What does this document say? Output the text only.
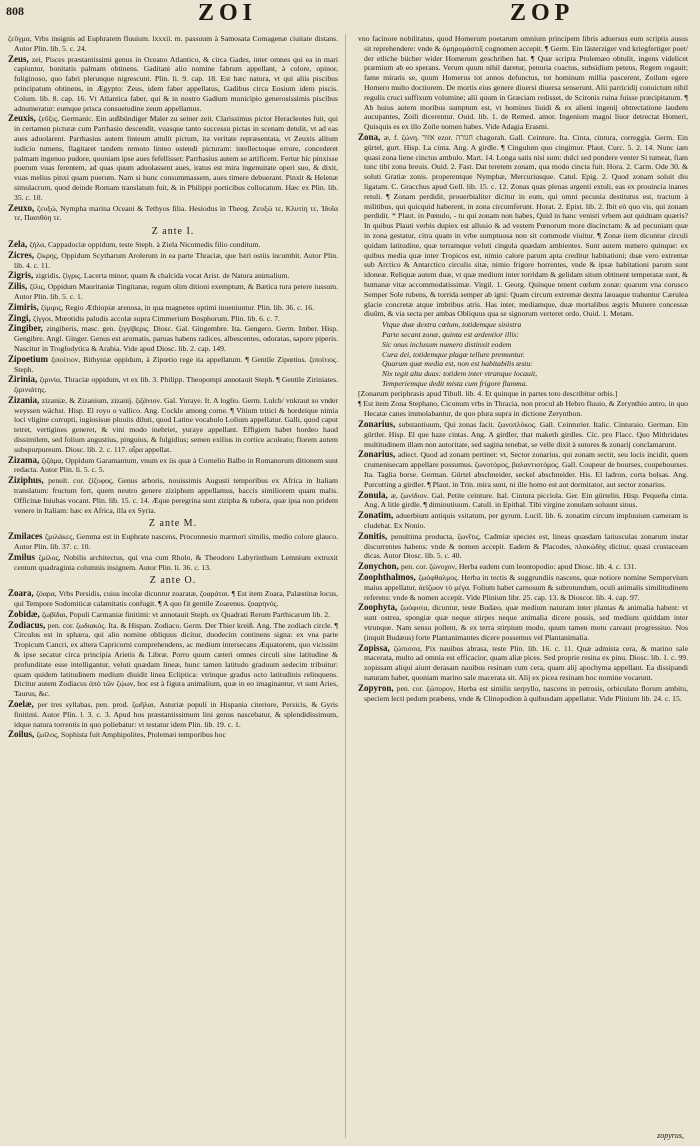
808	ZOI	ZOP
ζεῦγμα, Vrbs insignis ad Euphratem fluuium. lxxxii. m. passuum à Samosata Comagenæ ciuitate distans. Autor Plin. lib. 5. c. 24.
Zeus, zei, Pisces præstantissimi genus in Oceano Atlantico, & circa Gades, inter omnes qui ea in mari capiuntur, bonitatis palmam obtinens. Gaditani alio nomine fabrum appellant, à colore, opinor, fuliginoso, quo fabri plerunque nigrescunt. Plin. li. 9. cap. 18. Est hæc natura, vt qui aliis piscibus principatum obtinens, in Ægypto: Zeus, idem faber appellatus, Gadibus circa Eosium idem piscis. Colum. lib. 8. cap. 16. Vt Atlantica faber, qui & in nostro Gadium municipio generosissimis piscibus adnumeratur: eumque prisca consuetudine zeum appellamus.
Zeuxis, ζεῦξις, Germanic. Ein außbündiger Maler zu seiner zeit. Clarissimus pictor Heracleotes fuit, qui in certamen picturæ cum Parrhasio descendit, vuasque tanto successu pictas in scenam detulit, vt ad eas aues aduolarent. Parrhasius autem linteum attulit pictum, ita veritate repræsentata, vt Zeuxis alitum iudicio tumens, flagitaret tandem remoto linteo ostendi picturam: intellectoque errore, concederet palmam ingenuo pudore, quoniam ipse aues fefellisset: Parrhasius autem se artificem. Fertur hic pinxisse puerum vuas ferentem, ad quas quum aduolassent aues, iratus est mira ingenuitate operi suo, & dixit, vuas melius pinxi quam puerum. Nam si hunc consummassem, aues timere debuerant. Pinxit & Helenæ simulacrum, quod deinde Romam translatum fuit, & in Philippi porticibus collocatum. Hæc ex Plin. lib. 35. c. 10.
Zeuxo, ζευξώ, Nympha marina Oceani & Tethyos filia. Hesiodus in Theog. Ζευξώ τε, Κλυτίη τε, Ἰδυῖα τε, Πασιθόη τε.
Z ante I.
Zela, ζήλα, Cappadociæ oppidum, teste Steph. à Ziela Nicomedis filio conditum.
Zicres, ζίκρης, Oppidum Scytharum Arolerum in ea parte Thraciæ, que Istri ostiis incumbit. Autor Plin. lib. 4. c. 11.
Zigris, zigridis, ζίγρις, Lacerta minor, quam & chalcida vocat Arist. de Natura animalium.
Zilis, ζίλις, Oppidum Mauritaniæ Tingitanæ, regum olim ditioni exemptum, & Bætica tura petere iussum. Autor Plin. lib. 5. c. 1.
Zimiris, ζίμιρις, Regio Æthiopiæ arenosa, in qua magnetes optimi inueniuntur. Plin. lib. 36. c. 16.
Zingi, ζίγγοι, Mœotidis paludis accolæ supra Cimmerium Bosphorum. Plin. lib. 6. c. 7.
Zingiber, zingiberis, masc. gen. ζιγγίβερις. Diosc. Gal. Gingembre. Ita. Gengero. Germ. Imber. Hisp. Gengibre. Angl. Ginger. Genus est aromatis, paruas habens radices, albescentes, odoratas, sapore piperis. Nascitur in Troglodytica & Arabia. Vide apud Diosc. lib. 2. cap. 149.
Zipoetium ζιποίτιον, Bithyniæ oppidum, à Zipœtio rege ita appellatum. ¶ Gentile Zipœtius. ζιποίτιος. Steph.
Zirinia, ζιρινία, Thraciæ oppidum, vt ex lib. 3. Philipp. Theopompi annotauit Steph. ¶ Gentile Ziriniates. ζιρινιάτης.
Zizania, zizaniæ, & Zizanium, zizanij. ζιζάνιον. Gal. Yuraye. It. A loglio. Germ. Lulch/ vnkraut so vnder weyssen wächst. Hisp. El royo o vallico. Ang. Cockle among corne. ¶ Vitium tritici & hordeique nimia loci vligine corrupti, iugiosisue pluuiis diluti, quod Latine vocabulo Lolium appellatur. Galli, quod caput tetret, vertigines generet, & vini modo inebriet, yuraye appellant. Effigiem habet hordeo haud dissimilem, sed folium angustius, pinguius, & fulgidius; semen exilius in cortice aculeato; florem autem subspurpureum. Diosc. lib. 2. c. 117. αἶρα appellat.
Zizama, ζιζάμα, Oppidum Garamantum, vnum ex iis quæ à Cornelio Balbo in Romanorum ditionem sunt redacta. Autor Plin. li. 5. c. 5.
Ziziphus, penult. cor. ζίζυφος, Genus arboris, nouissimis Augusti temporibus ex Africa in Italiam translatum: fructum fert, quem neutro genere ziziphum appellamus, baccis similiorem quam malis. Officinæ Iniubas vocant. Plin. lib. 15. c. 14. Æque peregrina sunt zizipha & tubera, quæ ipsa non pridem venere in Italiam: hæc ex Africa, illa ex Syria.
Z ante M.
Zmilaces ζμιλάκες, Gemma est in Euphrate nascens, Proconnesio marmori similis, medio colore glauco. Autor Plin. lib. 37. c. 10.
Zmilus ζμίλος, Nobilis architectus, qui vna cum Rholo, & Theodoro Labyrinthum Lemnium extruxit centum quadraginta columnis insignem. Autor Plin. li. 36. c. 13.
Z ante O.
Zoara, ζόαρα, Vrbs Persidis, cuius incolæ dicuntur zoaratæ, ζοαράται. ¶ Est item Zoara, Palæstinæ locus, qui Tempore Sodomiticæ calamitatis confugit. ¶ A quo fit gentile Zoarenus. ζοαρηνός.
Zobidæ, ζωβίδαι, Populi Carmaniæ finitimi: vt annotauit Steph. ex Quadrati Rerum Parthicarum lib. 2.
Zodiacus, pen. cor. ζωδιακός. Ita. & Hispan. Zodiaco. Germ. Der Thier kreiß. Ang. The zodiach circle. ¶ Circulus est in sphæra, qui alio nomine obliquus dicitur, duodecim continens signa: ex vna parte Tropicum Cancri, ex altera Capricorni comprehendens, ac medium intersecans Æquatorem, quo vicissim & ipse secatur circa principia Arietis & Libræ. Porro quum cæteri omnes circuli sine latitudine & profunditate esse intelligantur, veluti quædam lineæ, hunc tamen latitudo graduum sedecim tribuitur: quam quidem latitudinem medium diuidit linea Ecliptica: vtrinque gradus octo latitudinis relinquens. Dicitur autem Zodiacus ἀπὸ τῶν ζῴων, hoc est à figura animalium, quæ in eo imaginantur, vt sunt Aries, Taurus, &c.
Zoelæ, per tres syllabas, pen. prod. ζωῆλαι, Asturiæ populi in Hispania citeriore, Persicis, & Gyris finitimi. Autor Plin. l. 3. c. 3. Apud hos præstantissimum lini genus nascebatur, & splendidissimum, idque natura torrentis in quo poliebatur: vt testatur idem Plin. lib. 19. c. 1.
Zoilus, ζωΐλος, Sophista fuit Amphipolites, Ptolemæi temporibus hoc
vno facinore nobilitatus, quod Homerum poetarum omnium principem libris aduersus eum scriptis ausus sit reprehendere: vnde & ὁμηρομάστιξ cognomen accepit. ¶ Germ. Ein lästerziger vnd kriegfertiger poet/ der etliche bücher wider Homerum geschriben hat. ¶ Quæ scripta Ptolemæo obtulit, ingens videlicet præmium ab eo sperans. Verum quum nihil daretur, penuria coactus, subsidium petens, Regem rogauit; fame miraris se, quum Homerus tot annos defunctus, tot hominum millia pascerent, Zoilum egere Homero multo doctiorem. De mortis eius genere diuersi diuersa senserunt. Alii parricidij conuictum nihil regulis cruci suffixum volumine; alii quum in Græciam redisset, de Scironis ruina fuisse præcipitatum. ¶ Ab huius autem moribus sumptum est, vt homines liuidi & ex alieni ingenij obtrectatione laudem aucupantes, Zoili dicerentur. Ouid. lib. 1. de Remed. amor. Ingenium magni liuor detrectat Homeri, Quisquis es ex illo Zoile nomen habes. Vide Adagia Erasmi.
Zona, æ, f. ζώνη. אזור ezor. חגורה chagorah. Gall. Ceinture. Ita. Cinta, cintura, correggia. Germ. Ein gürtel, gurt. Hisp. La cinta. Ang. A girdle. ¶ Cingulum quo cingimur. Plaut. Curc. 5. 2. 14. Nunc iam quasi zona liene cinctus ambulo. Mart. 14. Longa satis nisi sum: dulci sed pondere venter Si tumeat, fiam tunc tibi zona breuis. Ouid. 2. Fast. Dat teretem zonam, qua modo cincta fuit. Hora. 2. Carm. Ode 30. & soluti Gratiæ zonis. properentque Nymphæ, Mercuriusque. Catul. Epig. 2. Quod zonam soluit diu ligatam. C. Gracchus apud Gell. lib. 15. c. 12. Zonas quas plenas argenti extuli, eas ex prouincia inanes retuli. ¶ Zonam perdidit, prouerbialiter dicitur in eum, qui omni pecunia destitutus est, tractum à militibus, qui quicquid haberent, in zona circumferunt. Horat. 2. Epist. lib. 2. Ibit eò quo vis, qui zonam perdidit. * Plaut. in Pœnulo, - tu qui zonam non habes, Quid in hanc venisti vrbem aut quidnam quæris? In quibus Plauti verbis dupiex est allusio & ad vestem Pœnorum more discinctam: & ad pecuniam quæ in zona gestatur, citra quam in vrbe sumptuosa non sit commode viuitur. ¶ Zonæ item dicuntur circuli quidam latitudine, quæ terramque veluti cingula quædam ambientes. Sunt autem numero quinque: ex quibus media quæ inter Tropicos est, nimio calore parum apta creditur habitationi; duæ vero extremæ sub Arctico & Antarctico circulis sitæ, nimio frigore horrentes, vnde & ipsæ habitationi parum sunt idoneæ. Reliquæ autem duæ, vt quæ medium inter torridam & gelidam situm obtinent temperatæ sunt, & humanæ vitæ accommodatissimæ. Virgil. 1. Georg. Quinque tenent cœlum zonæ: quarum vna corusco Semper Sole rubens, & torrida semper ab igni: Quam circum extremæ dextra læuaque trahuntur Cærulea glacie concretæ atque imbribus atris. Has inter, mediamque, duæ mortalibus ægris Munere concessæ diuûm, & via secta per ambas Obliquus qua se signorum verteret ordo. Ouid. 1. Metam.
Vtque duæ dextra cœlum, totidemque sinistra
Parte secant zonæ, quinta est ardentior illis:
Sic onus inclusum numero distinxit eodem
Cura dei, totidemque plagæ tellure premuntur.
Quarum quæ media est, non est habitabilis æstu:
Nix tegit alta duas: totidem inter vtranque locauit,
Temperiemque dedit mista cum frigore flamma.
[Zonarum periphrasis apud Tibull. lib. 4. Et quinque in partes toto describitur orbis.]
¶ Est item Zona Stephano, Ciconum vrbs in Thracia, non procul ab Hebro fluuio, & Zerynthio antro, in quo Hecatæ canes immolabantur, de quo plura supra in dictione Zerynthon.
Zonarius, substantiuum, Qui zonas facit. ζωνοπλόκος. Gall. Ceinturier. Italic. Cinturaio. German. Ein gürtler. Hisp. El que haze cintas. Ang. A girdler, that maketh girdles. Cic. pro Flacc. Quo Mithridates multitudinem illam non autoritate, sed sagina tenebat, se velle dixit à sutores & zonarij conclamarunt.
Zonarius, adiect. Quod ad zonam pertinet: vt, Sector zonarius, qui zonam sectit, seu locis incidit, quem crumenisecam appellare possumus. ζωνοτόμος, βαλαντιοτόμος. Gall. Coupeur de bourses, coupebourses. Ita. Taglia borse. German. Gürtel abschneider, seckel abschneider. His. El ladron, corta bolsas. Ang. Purcutting a girdler. ¶ Plaut. in Trin. mira sunt, ni ille homo est aut dormitator, aut sector zonarius.
Zonula, æ, ζωνίδιον. Gal. Petite ceinture. Ital. Cintura picciola. Ger. Ein gürtelin. Hisp. Pequeña cinta. Ang. A litle girdle. ¶ diminutiuum. Catull. in Epithal. Tibi virgine zonulam soluunt sinus.
Zonatim, aduerbium antiquis vsitatum, per gyrum. Lucil. lib. 6. zonatim circum impluuium cameram is cludebat. Ex Nonio.
Zonitis, penultima producta, ζωνῖτις, Cadmiæ species est, lineas quasdam latiusculas zonarum instar discurrentes habens: vnde & nomen accepit. Eadem & Placodes, πλακώδης dicitur, quasi crustaceam dicas. Autor Diosc. lib. 5. c. 40.
Zonychon, pen. cor. ζώνυχον, Herba eadem cum leontopodio: apud Diosc. lib. 4. c. 131.
Zoophthalmos, ζωόφθαλμος. Herba in tectis & suggrundiis nascens, quæ notiore nomine Sempervium maius appellatur, ἀείζωον τὸ μέγα. Folium habet carnosum & subrotundum, oculi animalis similitudinem referens: vnde & nomen accepit. Vide Plinium libr. 25. cap. 13. & Dioscor. lib. 4. cap. 97.
Zoophyta, ζωόφυτα, dicuntur, teste Budæo, quæ medium naturam inter plantas & animalia habent: vt sunt ostrea, spongiæ quæ neque stirpes neque animalia dicere possis, sed medium quiddam inter vtrunque. Nam sensu pollent, & ex terra stirpium modo, quum tamen motu careant progressiuo. Nos (inquit Budæus) forte Plantanimantes dicere possemus vel Plantanimalia.
Zopissa, ζώπισσα, Pix nauibus abrasa, teste Plin. lib. 16. c. 11. Quæ admista cera, & marino sale macerata, multo ad omnia est efficacior, quam aliæ pices. Sed proprie resina ex pinu. Diosc. lib. 1. c. 99. zopissam aliqui aiunt derasam nauibus resinam cum cera, quam alij apochyma appellant. Ea dissipandi naturam habet, quoniam marino sale macerata sit. Alij ex picea resinam hoc nomine vocarunt.
Zopyron, pen. cor. ζώπυρον, Herba est similis serpyllo, nascens in petrosis, orbiculato florum ambitu, speciem lecti pedum præbens, vnde & Clinopodion à quibusdam appellatur. Vide Plinium lib. 24. c. 15.
zopyrus,
